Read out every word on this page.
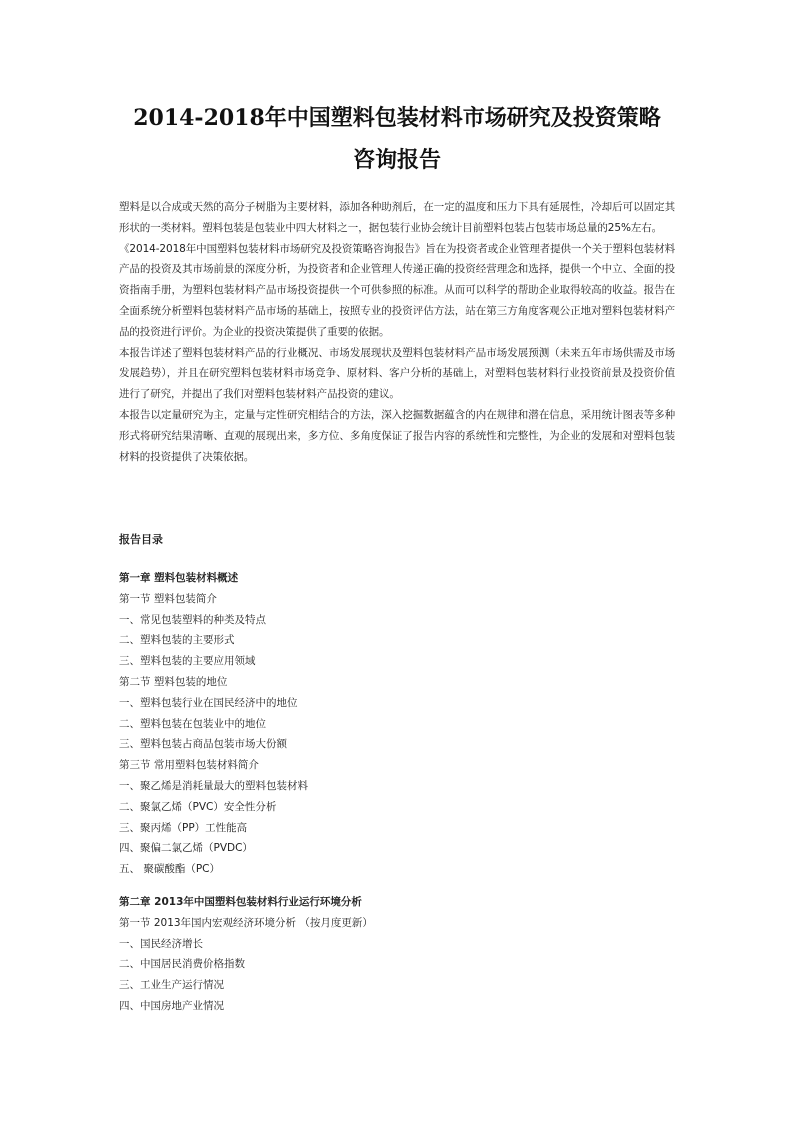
2014-2018年中国塑料包装材料市场研究及投资策略
咨询报告

塑料是以合成或天然的高分子树脂为主要材料，添加各种助剂后，在一定的温度和压力下具有延展性，冷却后可以固定其形状的一类材料。塑料包装是包装业中四大材料之一，据包装行业协会统计目前塑料包装占包装市场总量的25%左右。

《2014-2018年中国塑料包装材料市场研究及投资策略咨询报告》旨在为投资者或企业管理者提供一个关于塑料包装材料产品的投资及其市场前景的深度分析，为投资者和企业管理人传递正确的投资经营理念和选择，提供一个中立、全面的投资指南手册，为塑料包装材料产品市场投资提供一个可供参照的标准。从而可以科学的帮助企业取得较高的收益。报告在全面系统分析塑料包装材料产品市场的基础上，按照专业的投资评估方法，站在第三方角度客观公正地对塑料包装材料产品的投资进行评价。为企业的投资决策提供了重要的依据。

本报告详述了塑料包装材料产品的行业概况、市场发展现状及塑料包装材料产品市场发展预测（未来五年市场供需及市场发展趋势），并且在研究塑料包装材料市场竞争、原材料、客户分析的基础上，对塑料包装材料行业投资前景及投资价值进行了研究，并提出了我们对塑料包装材料产品投资的建议。

本报告以定量研究为主，定量与定性研究相结合的方法，深入挖掘数据蕴含的内在规律和潜在信息，采用统计图表等多种形式将研究结果清晰、直观的展现出来，多方位、多角度保证了报告内容的系统性和完整性，为企业的发展和对塑料包装材料的投资提供了决策依据。

报告目录
第一章 塑料包装材料概述
第一节 塑料包装简介
一、常见包装塑料的种类及特点
二、塑料包装的主要形式
三、塑料包装的主要应用领域
第二节 塑料包装的地位
一、塑料包装行业在国民经济中的地位
二、塑料包装在包装业中的地位
三、塑料包装占商品包装市场大份额
第三节 常用塑料包装材料简介
一、聚乙烯是消耗量最大的塑料包装材料
二、聚氯乙烯（PVC）安全性分析
三、聚丙烯（PP）工性能高
四、聚偏二氯乙烯（PVDC）
五、 聚碳酸酯（PC）
第二章 2013年中国塑料包装材料行业运行环境分析
第一节 2013年国内宏观经济环境分析 （按月度更新）
一、国民经济增长
二、中国居民消费价格指数
三、工业生产运行情况
四、中国房地产业情况
